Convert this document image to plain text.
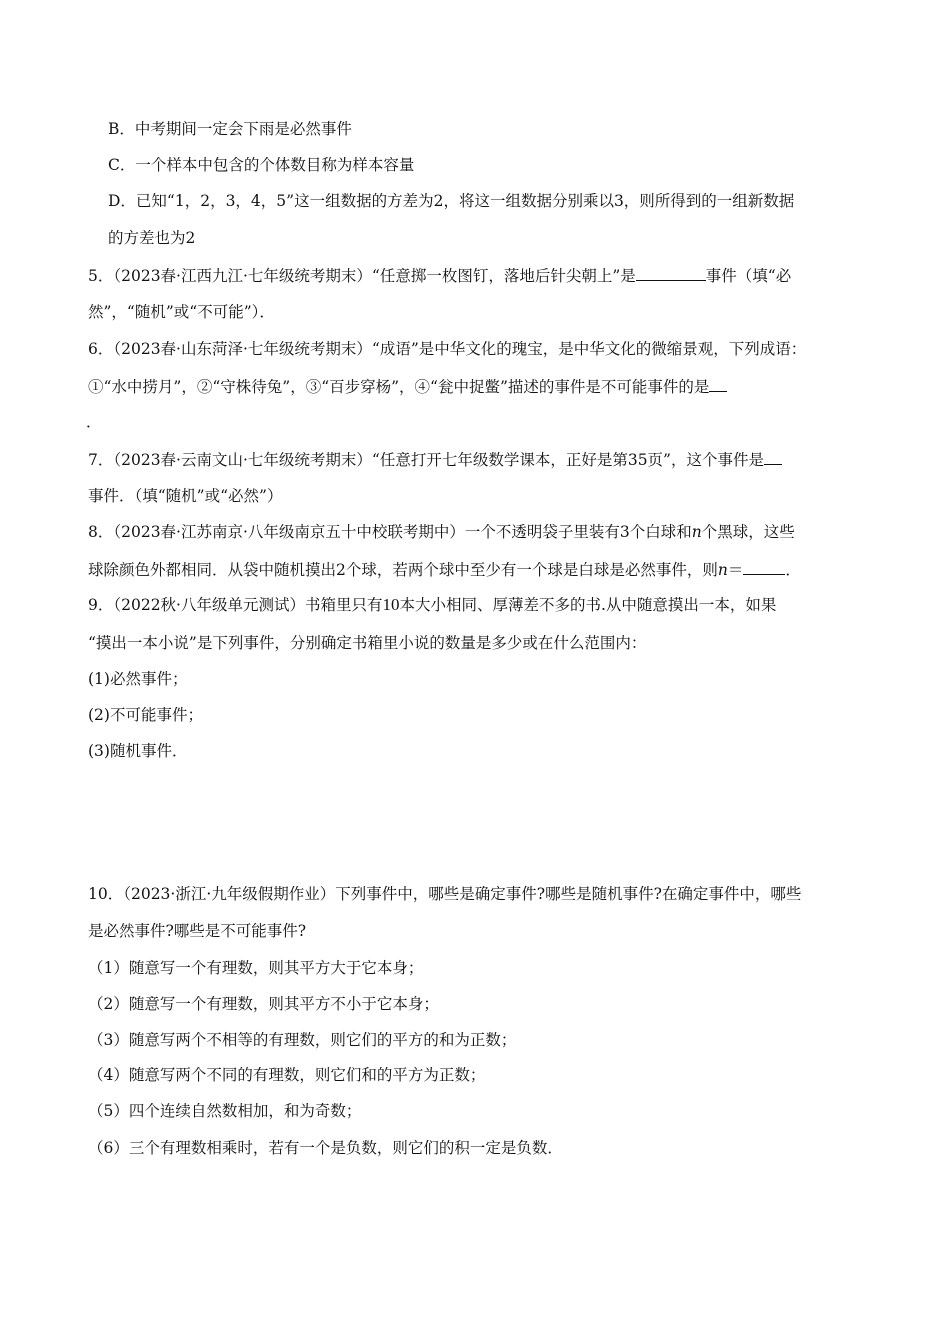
B．中考期间一定会下雨是必然事件
C．一个样本中包含的个体数目称为样本容量
D．已知“1，2，3，4，5”这一组数据的方差为2，将这一组数据分别乘以3，则所得到的一组新数据
的方差也为2
5．（2023春·江西九江·七年级统考期末）“任意掷一枚图钉，落地后针尖朝上”是	事件（填“必
然”，“随机”或“不可能”）．
6．（2023春·山东菏泽·七年级统考期末）“成语”是中华文化的瑰宝，是中华文化的微缩景观，下列成语：
①“水中捞月”，②“守株待兔”，③“百步穿杨”，④“瓮中捉鳖”描述的事件是不可能事件的是
．
7．（2023春·云南文山·七年级统考期末）“任意打开七年级数学课本，正好是第35页”，这个事件是
事件．（填“随机”或“必然”）
8．（2023春·江苏南京·八年级南京五十中校联考期中）一个不透明袋子里装有3个白球和n个黑球，这些
球除颜色外都相同．从袋中随机摸出2个球，若两个球中至少有一个球是白球是必然事件，则n＝	．
9．（2022秋·八年级单元测试）书箱里只有10本大小相同、厚薄差不多的书.从中随意摸出一本，如果
“摸出一本小说”是下列事件，分别确定书箱里小说的数量是多少或在什么范围内：
(1)必然事件；
(2)不可能事件；
(3)随机事件．
10．（2023·浙江·九年级假期作业）下列事件中，哪些是确定事件?哪些是随机事件?在确定事件中，哪些
是必然事件?哪些是不可能事件?
（1）随意写一个有理数，则其平方大于它本身；
（2）随意写一个有理数，则其平方不小于它本身；
（3）随意写两个不相等的有理数，则它们的平方的和为正数；
（4）随意写两个不同的有理数，则它们和的平方为正数；
（5）四个连续自然数相加，和为奇数；
（6）三个有理数相乘时，若有一个是负数，则它们的积一定是负数．
